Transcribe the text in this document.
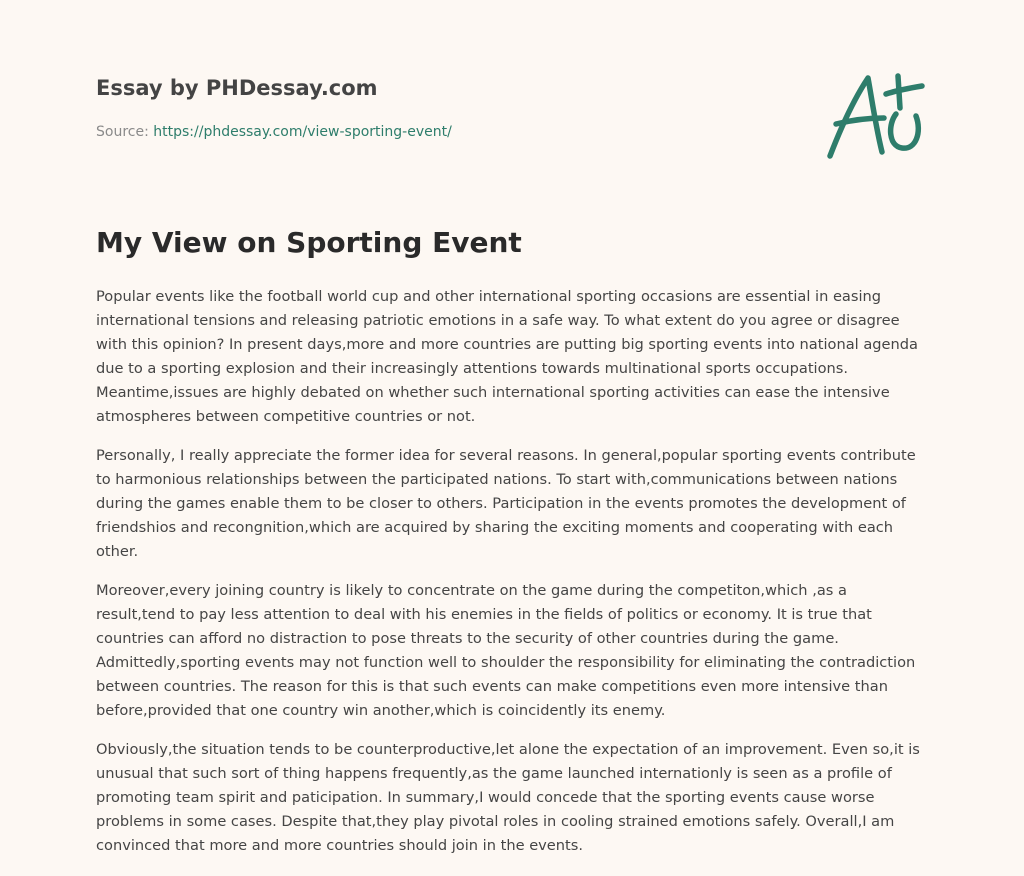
Essay by PHDessay.com
Source: https://phdessay.com/view-sporting-event/
My View on Sporting Event

Popular events like the football world cup and other international sporting occasions are essential in easing international tensions and releasing patriotic emotions in a safe way. To what extent do you agree or disagree with this opinion? In present days,more and more countries are putting big sporting events into national agenda due to a sporting explosion and their increasingly attentions towards multinational sports occupations. Meantime,issues are highly debated on whether such international sporting activities can ease the intensive atmospheres between competitive countries or not.

Personally, I really appreciate the former idea for several reasons. In general,popular sporting events contribute to harmonious relationships between the participated nations. To start with,communications between nations during the games enable them to be closer to others. Participation in the events promotes the development of friendshios and recongnition,which are acquired by sharing the exciting moments and cooperating with each other.

Moreover,every joining country is likely to concentrate on the game during the competiton,which ,as a result,tend to pay less attention to deal with his enemies in the fields of politics or economy. It is true that countries can afford no distraction to pose threats to the security of other countries during the game. Admittedly,sporting events may not function well to shoulder the responsibility for eliminating the contradiction between countries. The reason for this is that such events can make competitions even more intensive than before,provided that one country win another,which is coincidently its enemy.

Obviously,the situation tends to be counterproductive,let alone the expectation of an improvement. Even so,it is unusual that such sort of thing happens frequently,as the game launched internationly is seen as a profile of promoting team spirit and paticipation. In summary,I would concede that the sporting events cause worse problems in some cases. Despite that,they play pivotal roles in cooling strained emotions safely. Overall,I am convinced that more and more countries should join in the events.
